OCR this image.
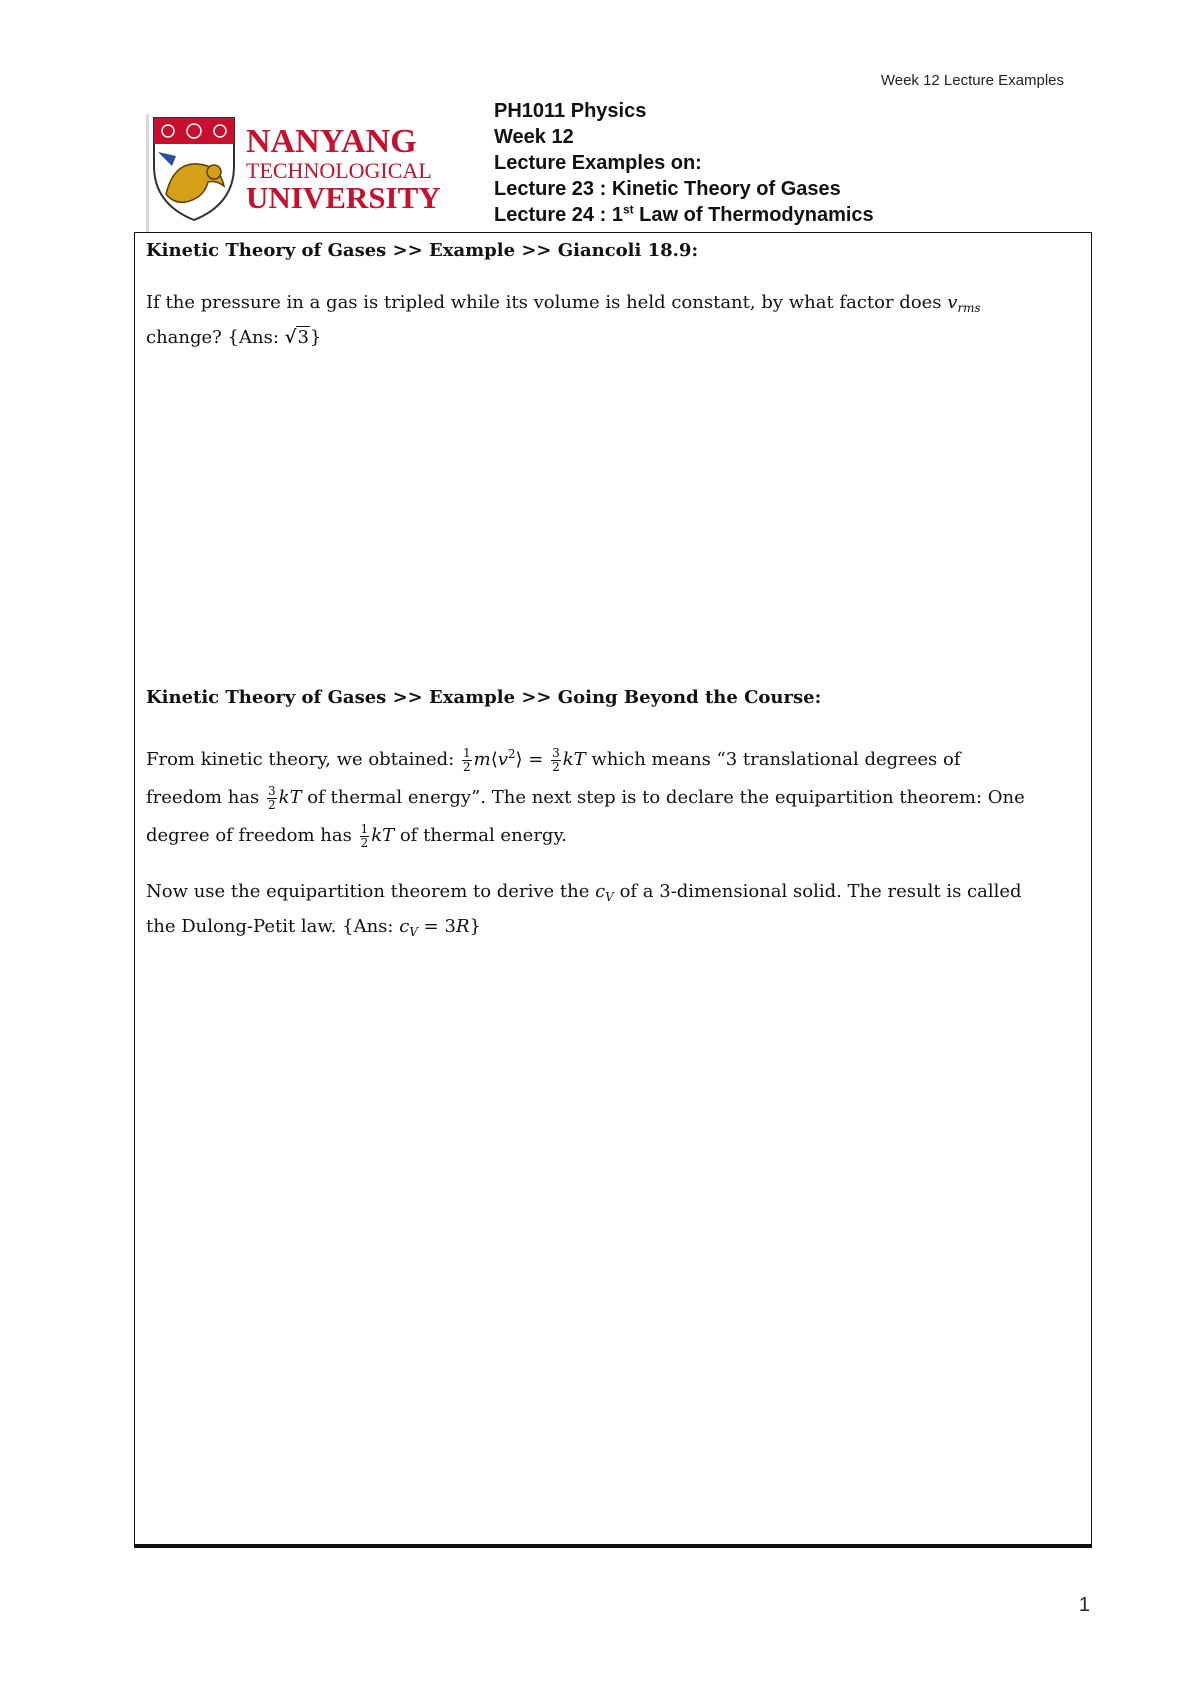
Week 12 Lecture Examples
NANYANG
TECHNOLOGICAL
UNIVERSITY
PH1011 Physics
Week 12
Lecture Examples on:
Lecture 23 : Kinetic Theory of Gases
Lecture 24 : 1st Law of Thermodynamics

Kinetic Theory of Gases >> Example >> Giancoli 18.9:

If the pressure in a gas is tripled while its volume is held constant, by what factor does $v_{rms}$
change? {Ans: √3}

Kinetic Theory of Gases >> Example >> Going Beyond the Course:

From kinetic theory, we obtained: $\frac{1}{2}$ $m⟨v^2⟩ = \frac{3}{2}$ kT which means “3 translational degrees of
freedom has $\frac{3}{2}$ kT of thermal energy”. The next step is to declare the equipartition theorem: One
degree of freedom has $\frac{1}{2}$ kT of thermal energy.

Now use the equipartition theorem to derive the $c_V$ of a 3-dimensional solid. The result is called
the Dulong-Petit law. {Ans: $c_V = 3R$}

1
